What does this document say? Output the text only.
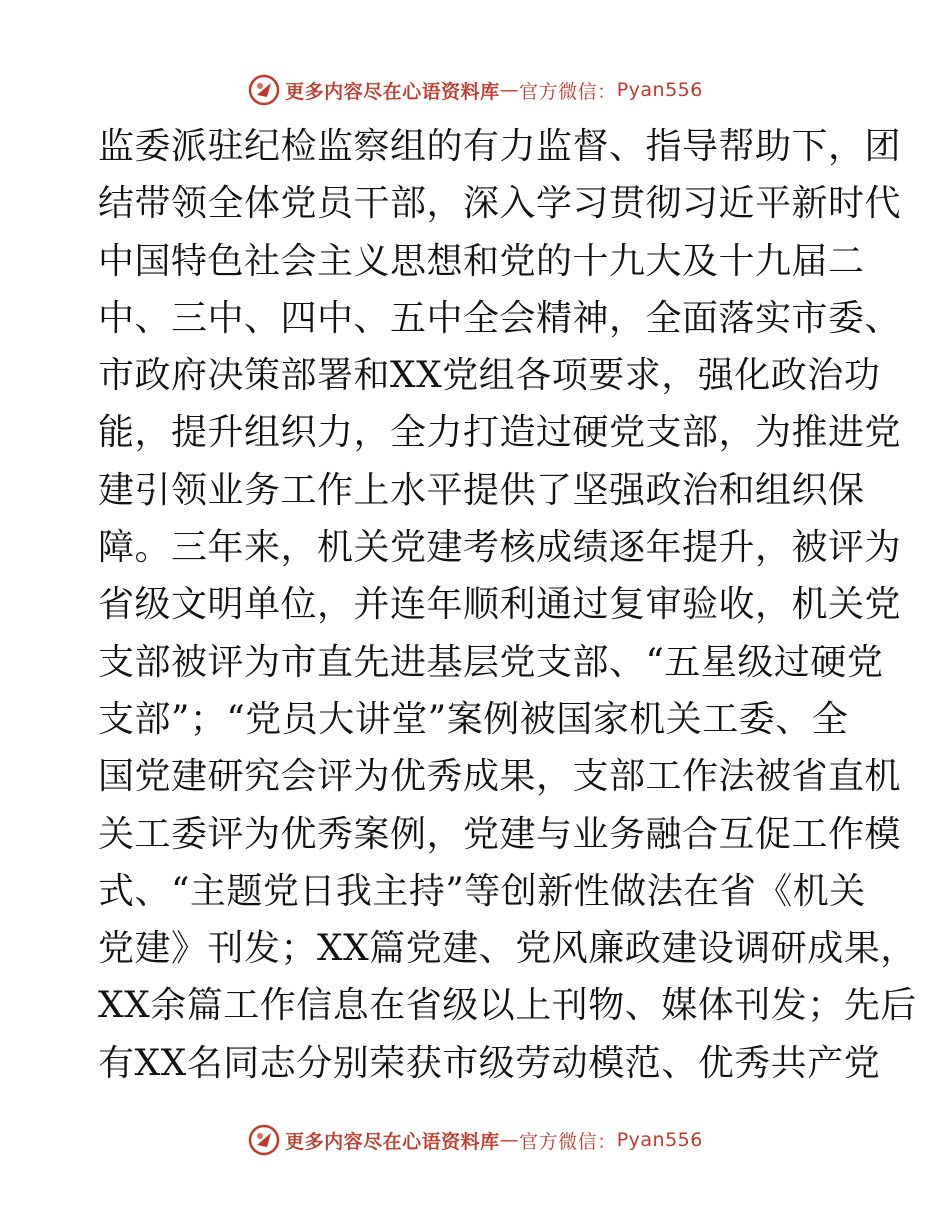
更多内容尽在心语资料库 — 官方微信： Pyan556
监委派驻纪检监察组的有力监督、指导帮助下，团
结带领全体党员干部，深入学习贯彻习近平新时代
中国特色社会主义思想和党的十九大及十九届二
中、三中、四中、五中全会精神，全面落实市委、
市政府决策部署和XX党组各项要求，强化政治功
能，提升组织力，全力打造过硬党支部，为推进党
建引领业务工作上水平提供了坚强政治和组织保
障。三年来，机关党建考核成绩逐年提升，被评为
省级文明单位，并连年顺利通过复审验收，机关党
支部被评为市直先进基层党支部、“五星级过硬党
支部”；“党员大讲堂”案例被国家机关工委、全
国党建研究会评为优秀成果，支部工作法被省直机
关工委评为优秀案例，党建与业务融合互促工作模
式、“主题党日我主持”等创新性做法在省《机关
党建》刊发；XX篇党建、党风廉政建设调研成果，
XX余篇工作信息在省级以上刊物、媒体刊发；先后
有XX名同志分别荣获市级劳动模范、优秀共产党
更多内容尽在心语资料库 — 官方微信： Pyan556
